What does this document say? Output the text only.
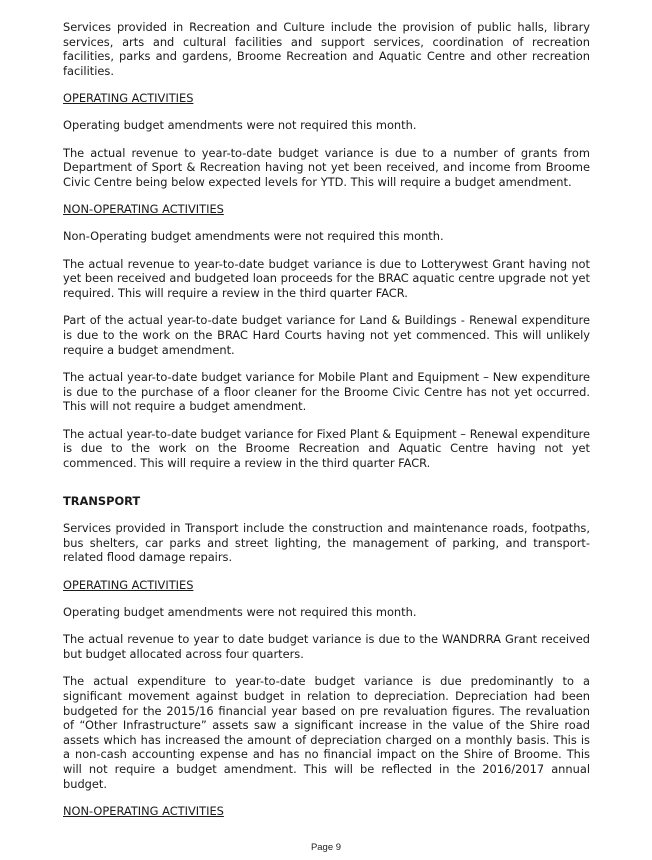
Services provided in Recreation and Culture include the provision of public halls, library services, arts and cultural facilities and support services, coordination of recreation facilities, parks and gardens, Broome Recreation and Aquatic Centre and other recreation facilities.

OPERATING ACTIVITIES

Operating budget amendments were not required this month.

The actual revenue to year-to-date budget variance is due to a number of grants from Department of Sport & Recreation having not yet been received, and income from Broome Civic Centre being below expected levels for YTD. This will require a budget amendment.

NON-OPERATING ACTIVITIES

Non-Operating budget amendments were not required this month.

The actual revenue to year-to-date budget variance is due to Lotterywest Grant having not yet been received and budgeted loan proceeds for the BRAC aquatic centre upgrade not yet required. This will require a review in the third quarter FACR.

Part of the actual year-to-date budget variance for Land & Buildings - Renewal expenditure is due to the work on the BRAC Hard Courts having not yet commenced. This will unlikely require a budget amendment.

The actual year-to-date budget variance for Mobile Plant and Equipment – New expenditure is due to the purchase of a floor cleaner for the Broome Civic Centre has not yet occurred. This will not require a budget amendment.

The actual year-to-date budget variance for Fixed Plant & Equipment – Renewal expenditure is due to the work on the Broome Recreation and Aquatic Centre having not yet commenced. This will require a review in the third quarter FACR.

TRANSPORT

Services provided in Transport include the construction and maintenance roads, footpaths, bus shelters, car parks and street lighting, the management of parking, and transport-related flood damage repairs.

OPERATING ACTIVITIES

Operating budget amendments were not required this month.

The actual revenue to year to date budget variance is due to the WANDRRA Grant received but budget allocated across four quarters.

The actual expenditure to year-to-date budget variance is due predominantly to a significant movement against budget in relation to depreciation. Depreciation had been budgeted for the 2015/16 financial year based on pre revaluation figures. The revaluation of “Other Infrastructure” assets saw a significant increase in the value of the Shire road assets which has increased the amount of depreciation charged on a monthly basis. This is a non-cash accounting expense and has no financial impact on the Shire of Broome. This will not require a budget amendment. This will be reflected in the 2016/2017 annual budget.

NON-OPERATING ACTIVITIES

Page 9
